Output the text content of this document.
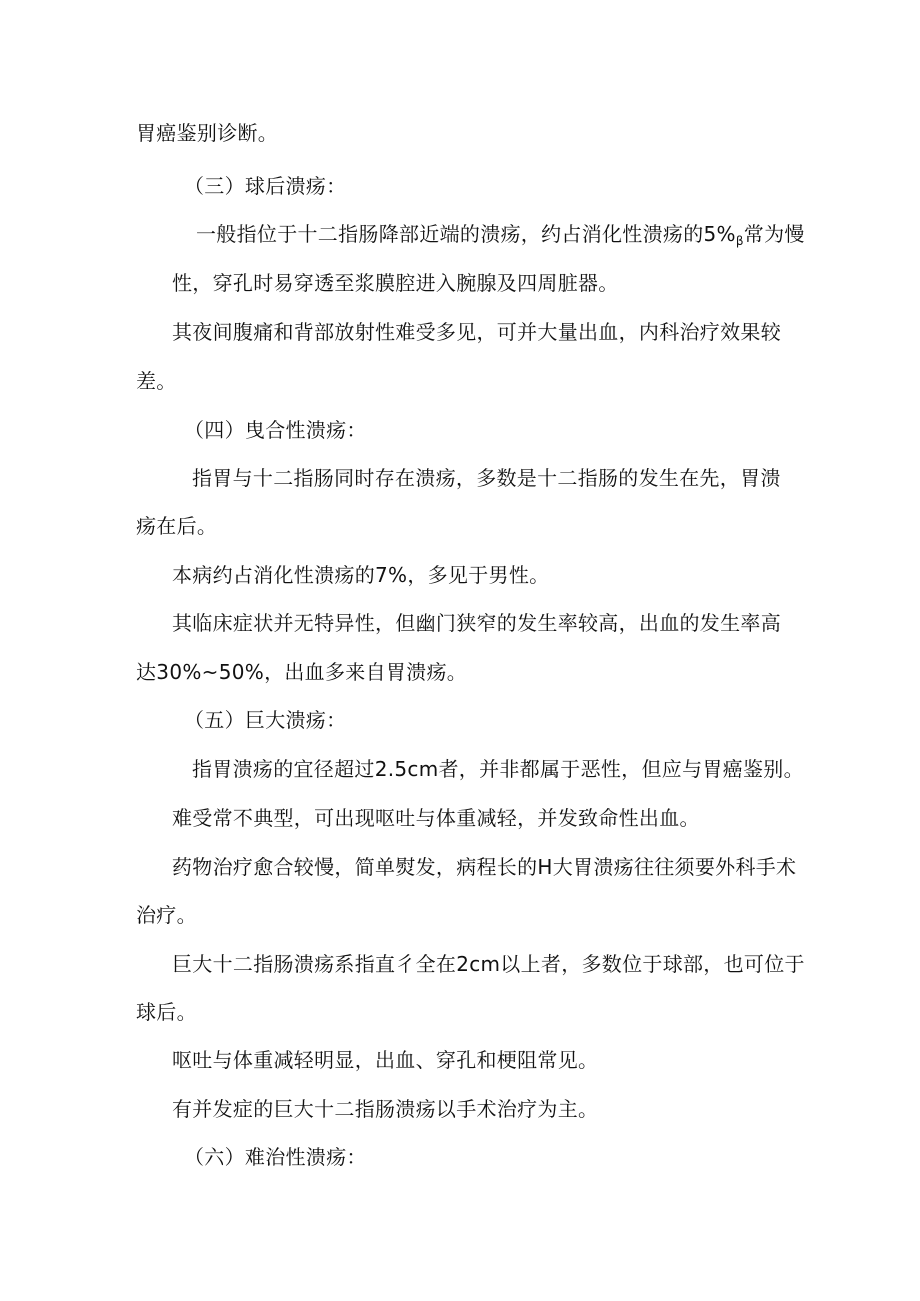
胃癌鉴别诊断。
（三）球后溃疡：
一般指位于十二指肠降部近端的溃疡，约占消化性溃疡的$5\%_\beta$常为慢
性，穿孔时易穿透至浆膜腔进入腕腺及四周脏器。
其夜间腹痛和背部放射性难受多见，可并大量出血，内科治疗效果较
差。
（四）曳合性溃疡：
指胃与十二指肠同时存在溃疡，多数是十二指肠的发生在先，胃溃
疡在后。
本病约占消化性溃疡的7%，多见于男性。
其临床症状并无特异性，但幽门狭窄的发生率较高，出血的发生率高
达30%~50%，出血多来自胃溃疡。
（五）巨大溃疡：
指胃溃疡的宜径超过2.5cm者，并非都属于恶性，但应与胃癌鉴别。
难受常不典型，可出现呕吐与体重减轻，并发致命性出血。
药物治疗愈合较慢，简单熨发，病程长的H大胃溃疡往往须要外科手术
治疗。
巨大十二指肠溃疡系指直彳全在2cm以上者，多数位于球部，也可位于
球后。
呕吐与体重减轻明显，出血、穿孔和梗阻常见。
有并发症的巨大十二指肠溃疡以手术治疗为主。
（六）难治性溃疡：
